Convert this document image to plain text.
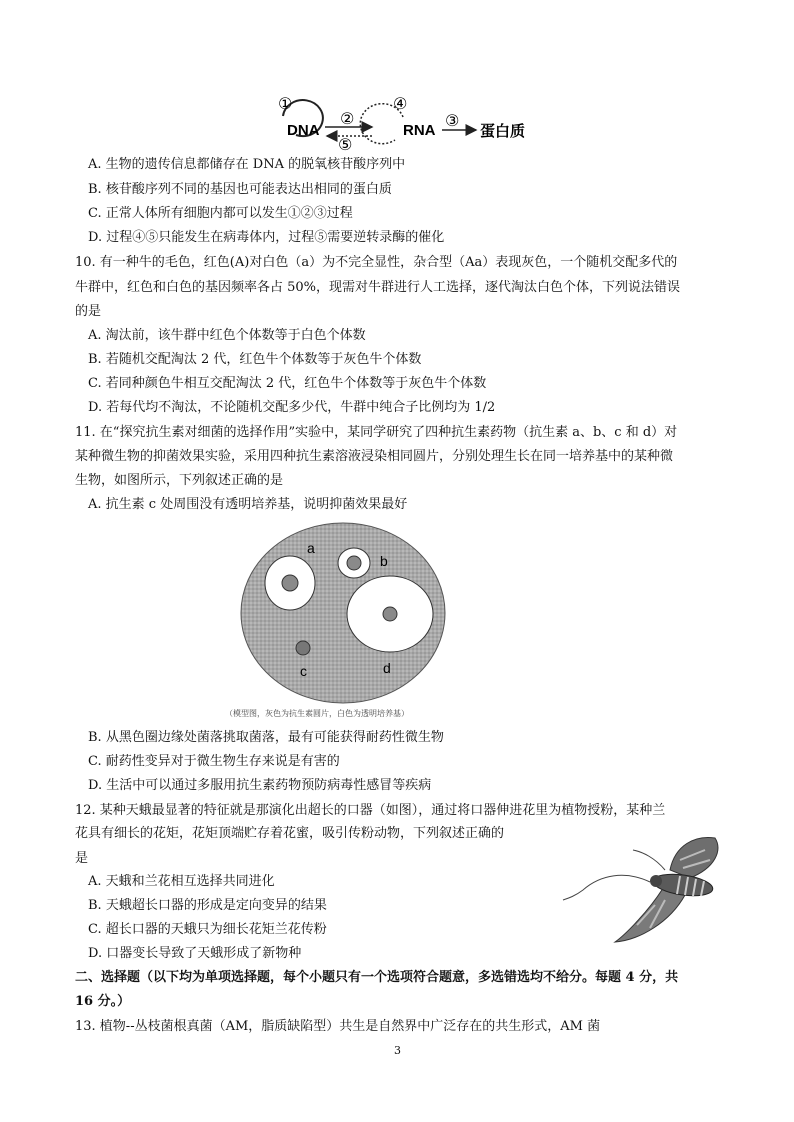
①
DNA
②
⑤
④
RNA
③
蛋白质
A. 生物的遗传信息都储存在 DNA 的脱氧核苷酸序列中
B. 核苷酸序列不同的基因也可能表达出相同的蛋白质
C. 正常人体所有细胞内都可以发生①②③过程
D. 过程④⑤只能发生在病毒体内，过程⑤需要逆转录酶的催化
10. 有一种牛的毛色，红色(A)对白色（a）为不完全显性，杂合型（Aa）表现灰色，一个随机交配多代的
牛群中，红色和白色的基因频率各占 50%，现需对牛群进行人工选择，逐代淘汰白色个体，下列说法错误
的是
A. 淘汰前，该牛群中红色个体数等于白色个体数
B. 若随机交配淘汰 2 代，红色牛个体数等于灰色牛个体数
C. 若同种颜色牛相互交配淘汰 2 代，红色牛个体数等于灰色牛个体数
D. 若每代均不淘汰，不论随机交配多少代，牛群中纯合子比例均为 1/2
11. 在“探究抗生素对细菌的选择作用”实验中，某同学研究了四种抗生素药物（抗生素 a、b、c 和 d）对
某种微生物的抑菌效果实验，采用四种抗生素溶液浸染相同圆片，分别处理生长在同一培养基中的某种微
生物，如图所示，下列叙述正确的是
A. 抗生素 c 处周围没有透明培养基，说明抑菌效果最好
a
b
c	d
（模型图，灰色为抗生素圆片，白色为透明培养基）
B. 从黑色圈边缘处菌落挑取菌落，最有可能获得耐药性微生物
C. 耐药性变异对于微生物生存来说是有害的
D. 生活中可以通过多服用抗生素药物预防病毒性感冒等疾病
12. 某种天蛾最显著的特征就是那演化出超长的口器（如图），通过将口器伸进花里为植物授粉，某种兰
花具有细长的花矩，花矩顶端贮存着花蜜，吸引传粉动物，下列叙述正确的
是
A. 天蛾和兰花相互选择共同进化
B. 天蛾超长口器的形成是定向变异的结果
C. 超长口器的天蛾只为细长花矩兰花传粉
D. 口器变长导致了天蛾形成了新物种
二、选择题（以下均为单项选择题，每个小题只有一个选项符合题意，多选错选均不给分。每题 4 分，共
16 分。）
13. 植物--丛枝菌根真菌（AM，脂质缺陷型）共生是自然界中广泛存在的共生形式，AM 菌
3
